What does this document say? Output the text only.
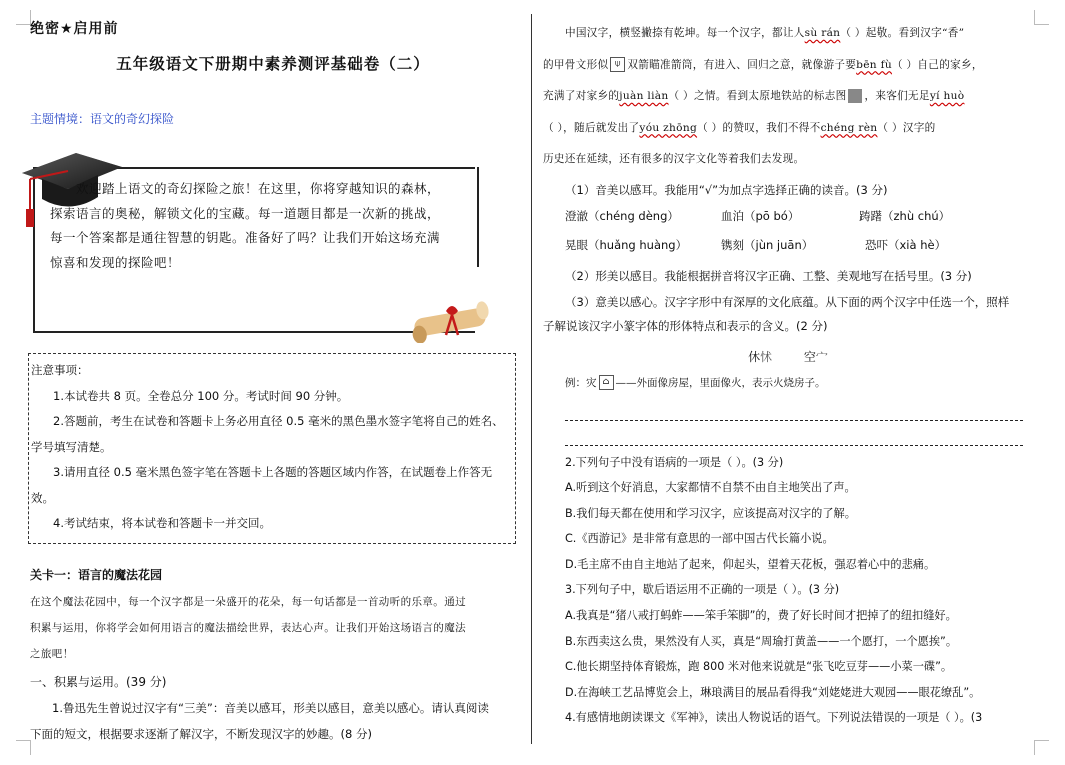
绝密★启用前
五年级语文下册期中素养测评基础卷（二）
主题情境：语文的奇幻探险
欢迎踏上语文的奇幻探险之旅！在这里，你将穿越知识的森林，
探索语言的奥秘，解锁文化的宝藏。每一道题目都是一次新的挑战，
每一个答案都是通往智慧的钥匙。准备好了吗？让我们开始这场充满
惊喜和发现的探险吧！
注意事项：
1.本试卷共 8 页。全卷总分 100 分。考试时间 90 分钟。
2.答题前，考生在试卷和答题卡上务必用直径 0.5 毫米的黑色墨水签字笔将自己的姓名、
学号填写清楚。
3.请用直径 0.5 毫米黑色签字笔在答题卡上各题的答题区域内作答，在试题卷上作答无
效。
4.考试结束，将本试卷和答题卡一并交回。
关卡一：语言的魔法花园
在这个魔法花园中，每一个汉字都是一朵盛开的花朵，每一句话都是一首动听的乐章。通过
积累与运用，你将学会如何用语言的魔法描绘世界，表达心声。让我们开始这场语言的魔法
之旅吧！
一、积累与运用。(39 分)
1.鲁迅先生曾说过汉字有“三美”：音美以感耳，形美以感目，意美以感心。请认真阅读
下面的短文，根据要求逐渐了解汉字，不断发现汉字的妙趣。(8 分)
中国汉字，横竖撇捺有乾坤。每一个汉字，都让人sù rán（ ）起敬。看到汉字“香”
的甲骨文形似 ⍦ 双箭瞄准箭筒，有进入、回归之意，就像游子要bēn fù（ ）自己的家乡，
充满了对家乡的juàn liàn（ ）之情。看到太原地铁站的标志图 ，来客们无足yí huò
（ ），随后就发出了yóu zhōng（ ）的赞叹，我们不得不chéng rèn（ ）汉字的
历史还在延续，还有很多的汉字文化等着我们去发现。
（1）音美以感耳。我能用“√”为加点字选择正确的读音。(3 分)
澄澈（chéng dèng）	血泊（pō bó）	踌躇（zhù chú）
晃眼（huǎng huàng）	镌刻（jùn juān）	恐吓（xià hè）
（2）形美以感目。我能根据拼音将汉字正确、工整、美观地写在括号里。(3 分)
（3）意美以感心。汉字字形中有深厚的文化底蕴。从下面的两个汉字中任选一个，照样
子解说该汉字小篆字体的形体特点和表示的含义。(2 分)
休怵	空宀
例：灾 ⌂ ——外面像房屋，里面像火，表示火烧房子。
2.下列句子中没有语病的一项是（ ）。(3 分)
A.听到这个好消息，大家都情不自禁不由自主地笑出了声。
B.我们每天都在使用和学习汉字，应该提高对汉字的了解。
C.《西游记》是非常有意思的一部中国古代长篇小说。
D.毛主席不由自主地站了起来，仰起头，望着天花板，强忍着心中的悲痛。
3.下列句子中，歇后语运用不正确的一项是（ ）。(3 分)
A.我真是“猪八戒打蚂蚱——笨手笨脚”的，费了好长时间才把掉了的纽扣缝好。
B.东西卖这么贵，果然没有人买，真是“周瑜打黄盖——一个愿打，一个愿挨”。
C.他长期坚持体育锻炼，跑 800 米对他来说就是“张飞吃豆芽——小菜一碟”。
D.在海峡工艺品博览会上，琳琅满目的展品看得我“刘姥姥进大观园——眼花缭乱”。
4.有感情地朗读课文《军神》，读出人物说话的语气。下列说法错误的一项是（ ）。(3
